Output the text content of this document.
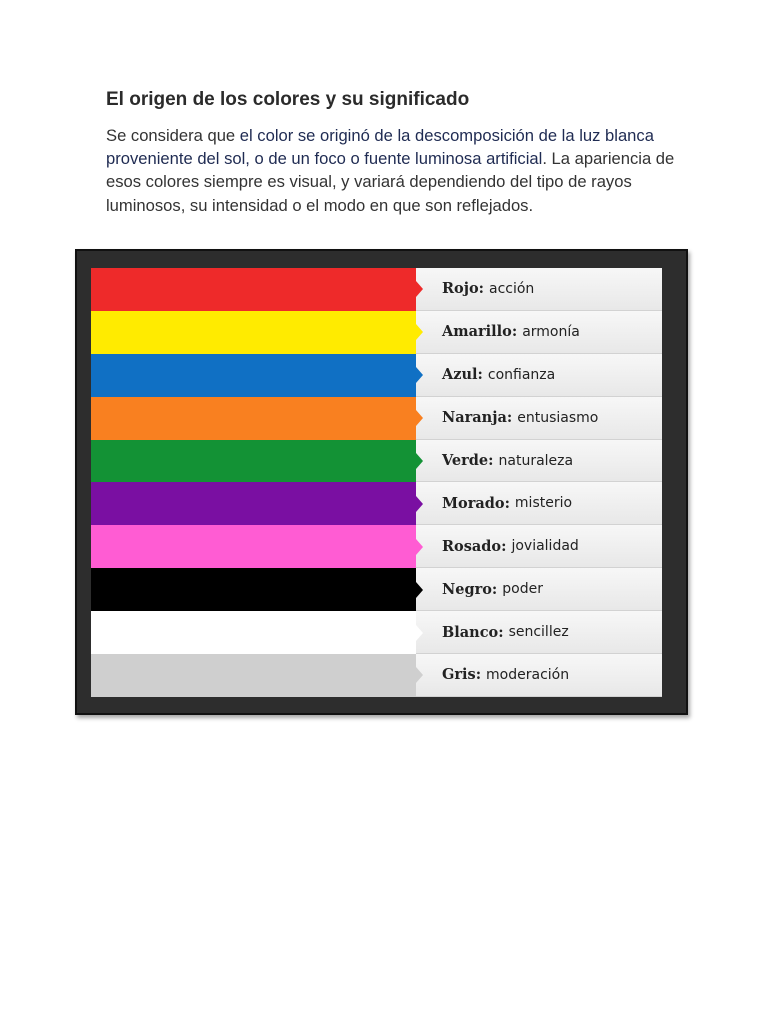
El origen de los colores y su significado

Se considera que el color se originó de la descomposición de la luz blanca proveniente del sol, o de un foco o fuente luminosa artificial. La apariencia de esos colores siempre es visual, y variará dependiendo del tipo de rayos luminosos, su intensidad o el modo en que son reflejados.

Rojo: acción
Amarillo: armonía
Azul: confianza
Naranja: entusiasmo
Verde: naturaleza
Morado: misterio
Rosado: jovialidad
Negro: poder
Blanco: sencillez
Gris: moderación
